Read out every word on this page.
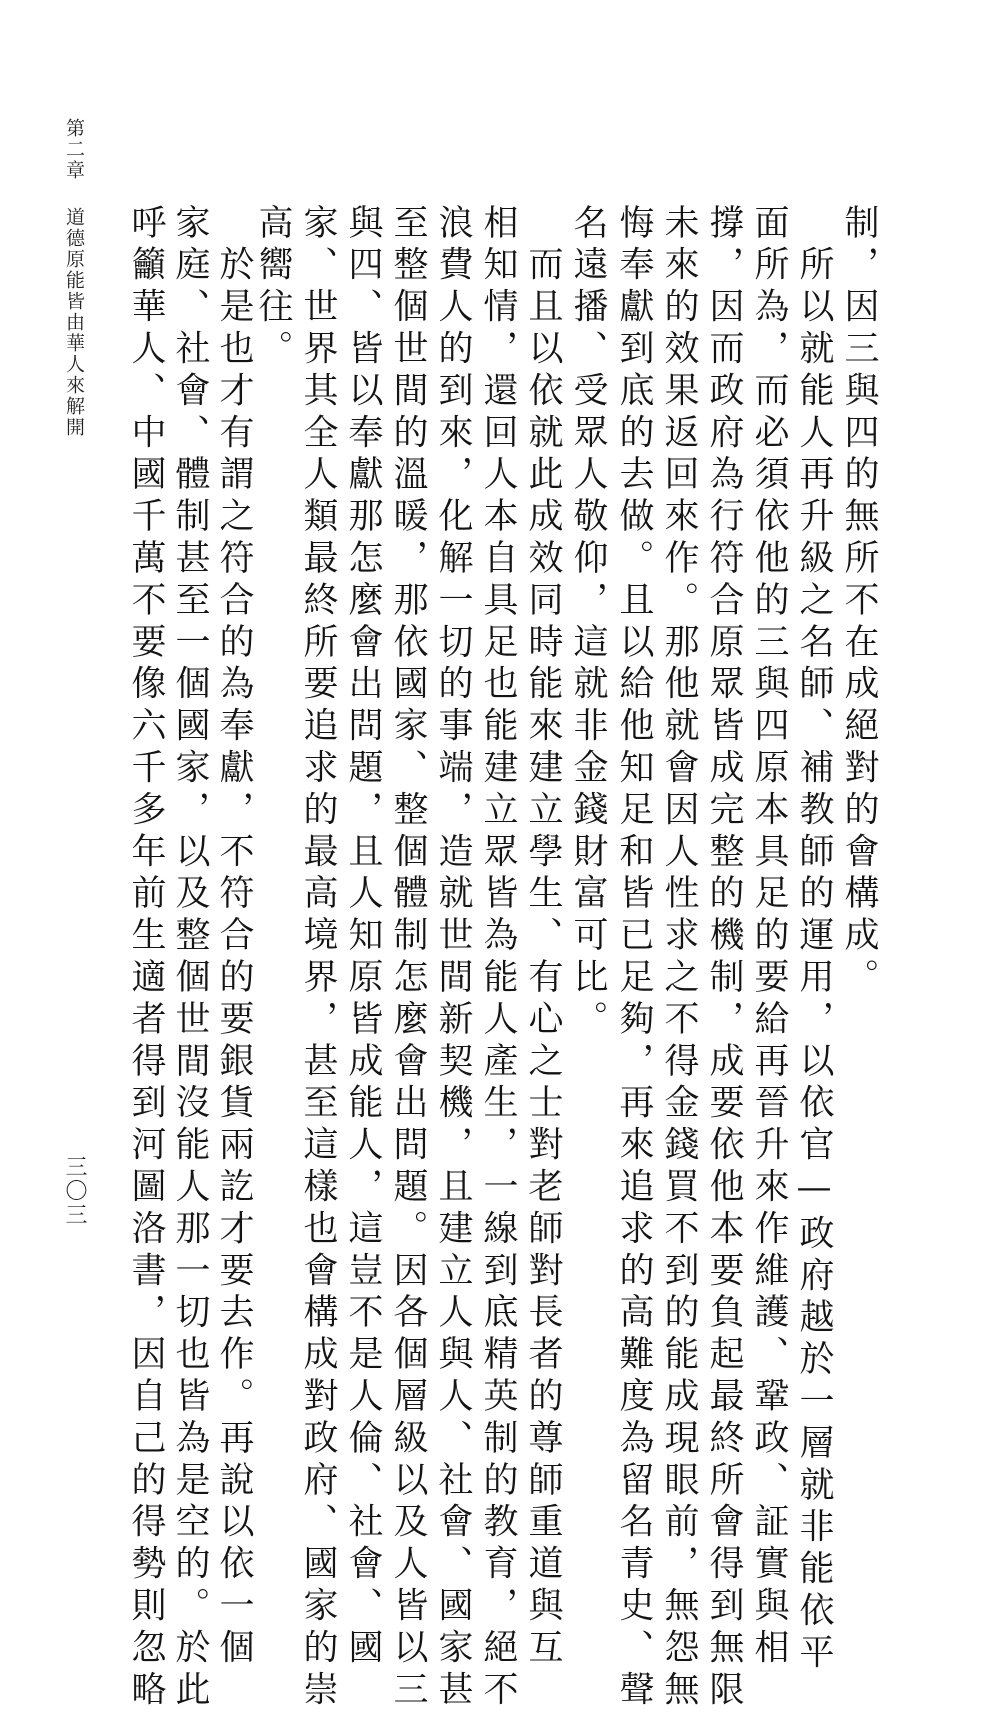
第二章道德原能皆由華人來解開
三〇三
制，因三與四的無所不在成絕對的會構成。
　所以就能人再升級之名師、補教師的運用，以依官—政府越於一層就非能依平
面所為，而必須依他的三與四原本具足的要給再晉升來作維護、鞏政、証實與相
撐，因而政府為行符合原眾皆成完整的機制，成要依他本要負起最終所會得到無限
未來的效果返回來作。那他就會因人性求之不得金錢買不到的能成現眼前，無怨無
悔奉獻到底的去做。且以給他知足和皆已足夠，再來追求的高難度為留名青史、聲
名遠播、受眾人敬仰，這就非金錢財富可比。
　而且以依就此成效同時能來建立學生、有心之士對老師對長者的尊師重道與互
相知情，還回人本自具足也能建立眾皆為能人產生，一線到底精英制的教育，絕不
浪費人的到來，化解一切的事端，造就世間新契機，且建立人與人、社會、國家甚
至整個世間的溫暖，那依國家、整個體制怎麼會出問題。因各個層級以及人皆以三
與四、皆以奉獻那怎麼會出問題，且人知原皆成能人，這豈不是人倫、社會、國
家、世界其全人類最終所要追求的最高境界，甚至這樣也會構成對政府、國家的崇
高嚮往。
　於是也才有謂之符合的為奉獻，不符合的要銀貨兩訖才要去作。再說以依一個
家庭、社會、體制甚至一個國家，以及整個世間沒能人那一切也皆為是空的。於此
呼籲華人、中國千萬不要像六千多年前生適者得到河圖洛書，因自己的得勢則忽略
